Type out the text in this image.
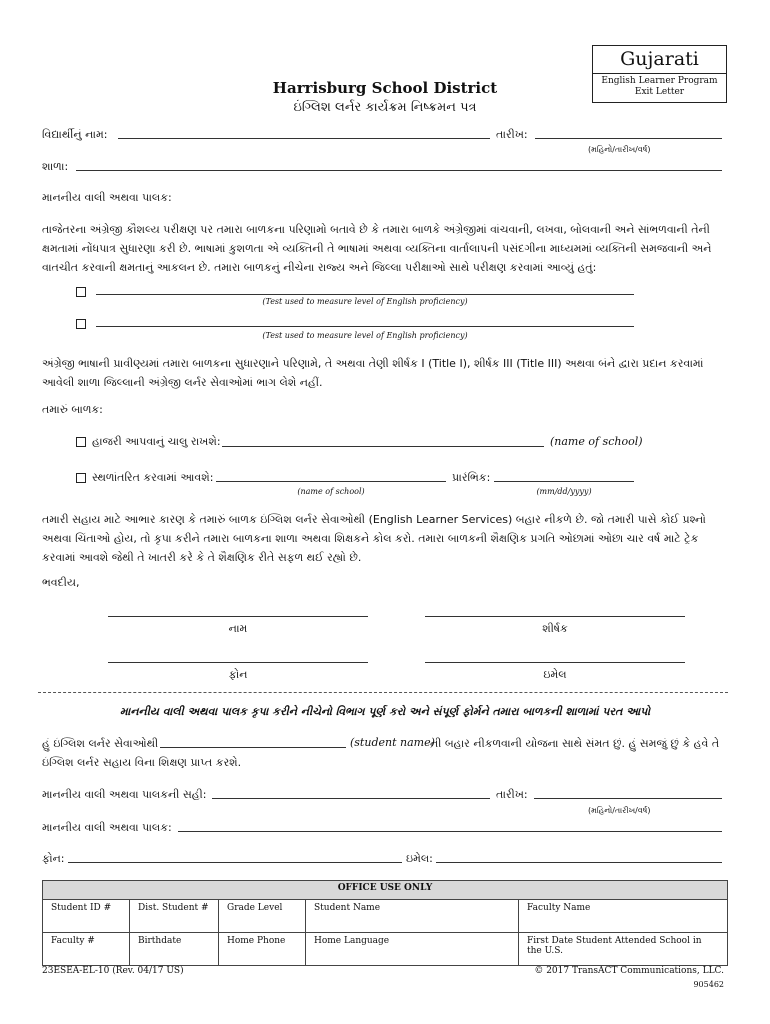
Gujarati
English Learner Program Exit Letter
Harrisburg School District
ઇંગ્લિશ લર્નર કાર્યક્રમ નિષ્ક્રમન પત્ર
વિદ્યાર્થીનું નામ:	તારીખ:
(મહિનો/તારીખ/વર્ષ)
શાળા:
માનનીય વાલી અથવા પાલક:
તાજેતરના અંગ્રેજી કૌશલ્ય પરીક્ષણ પર તમારા બાળકના પરિણામો બતાવે છે કે તમારા બાળકે અંગ્રેજીમાં વાંચવાની, લખવા, બોલવાની અને સાંભળવાની તેની ક્ષમતામાં નોંધપાત્ર સુધારણા કરી છે. ભાષામાં કુશળતા એ વ્યક્તિની તે ભાષામાં અથવા વ્યક્તિના વાર્તાલાપની પસંદગીના માધ્યમમાં વ્યક્તિની સમજવાની અને વાતચીત કરવાની ક્ષમતાનું આકલન છે. તમારા બાળકનું નીચેના રાજ્ય અને જિલ્લા પરીક્ષાઓ સાથે પરીક્ષણ કરવામાં આવ્યું હતું:
(Test used to measure level of English proficiency)
(Test used to measure level of English proficiency)
અંગ્રેજી ભાષાની પ્રાવીણ્યમાં તમારા બાળકના સુધારણાને પરિણામે, તે અથવા તેણી શીર્ષક I (Title I), શીર્ષક III (Title III) અથવા બંને દ્વારા પ્રદાન કરવામાં આવેલી શાળા જિલ્લાની અંગ્રેજી લર્નર સેવાઓમાં ભાગ લેશે નહીં.
તમારું બાળક:
હાજરી આપવાનું ચાલુ રાખશે:	(name of school)
સ્થળાંતરિત કરવામાં આવશે:
(name of school)
પ્રારંભિક:
(mm/dd/yyyy)
તમારી સહાય માટે આભાર કારણ કે તમારું બાળક ઇંગ્લિશ લર્નર સેવાઓથી (English Learner Services) બહાર નીકળે છે. જો તમારી પાસે કોઈ પ્રશ્નો અથવા ચિંતાઓ હોય, તો કૃપા કરીને તમારા બાળકના શાળા અથવા શિક્ષકને કોલ કરો. તમારા બાળકની શૈક્ષણિક પ્રગતિ ઓછામાં ઓછા ચાર વર્ષ માટે ટ્રેક કરવામાં આવશે જેથી તે ખાતરી કરે કે તે શૈક્ષણિક રીતે સફળ થઈ રહ્યો છે.
ભવદીય,
નામ	શીર્ષક
ફોન	ઇમેલ
માનનીય વાલી અથવા પાલક કૃપા કરીને નીચેનો વિભાગ પૂર્ણ કરો અને સંપૂર્ણ ફોર્મને તમારા બાળકની શાળામાં પરત આપો
હું ઇંગ્લિશ લર્નર સેવાઓથી	(student name)
ની બહાર નીકળવાની યોજના સાથે સંમત છું. હું સમજું છું કે હવે તે
ઇંગ્લિશ લર્નર સહાય વિના શિક્ષણ પ્રાપ્ત કરશે.
માનનીય વાલી અથવા પાલકની સહી:	તારીખ:
(મહિનો/તારીખ/વર્ષ)
માનનીય વાલી અથવા પાલક:
ફોન:	ઇમેલ:
OFFICE USE ONLY				
Student ID #	Dist. Student #	Grade Level	Student Name	Faculty Name
Faculty #	Birthdate	Home Phone	Home Language	First Date Student Attended School in the U.S.
23ESEA-EL-10 (Rev. 04/17 US)	© 2017 TransACT Communications, LLC.
905462
